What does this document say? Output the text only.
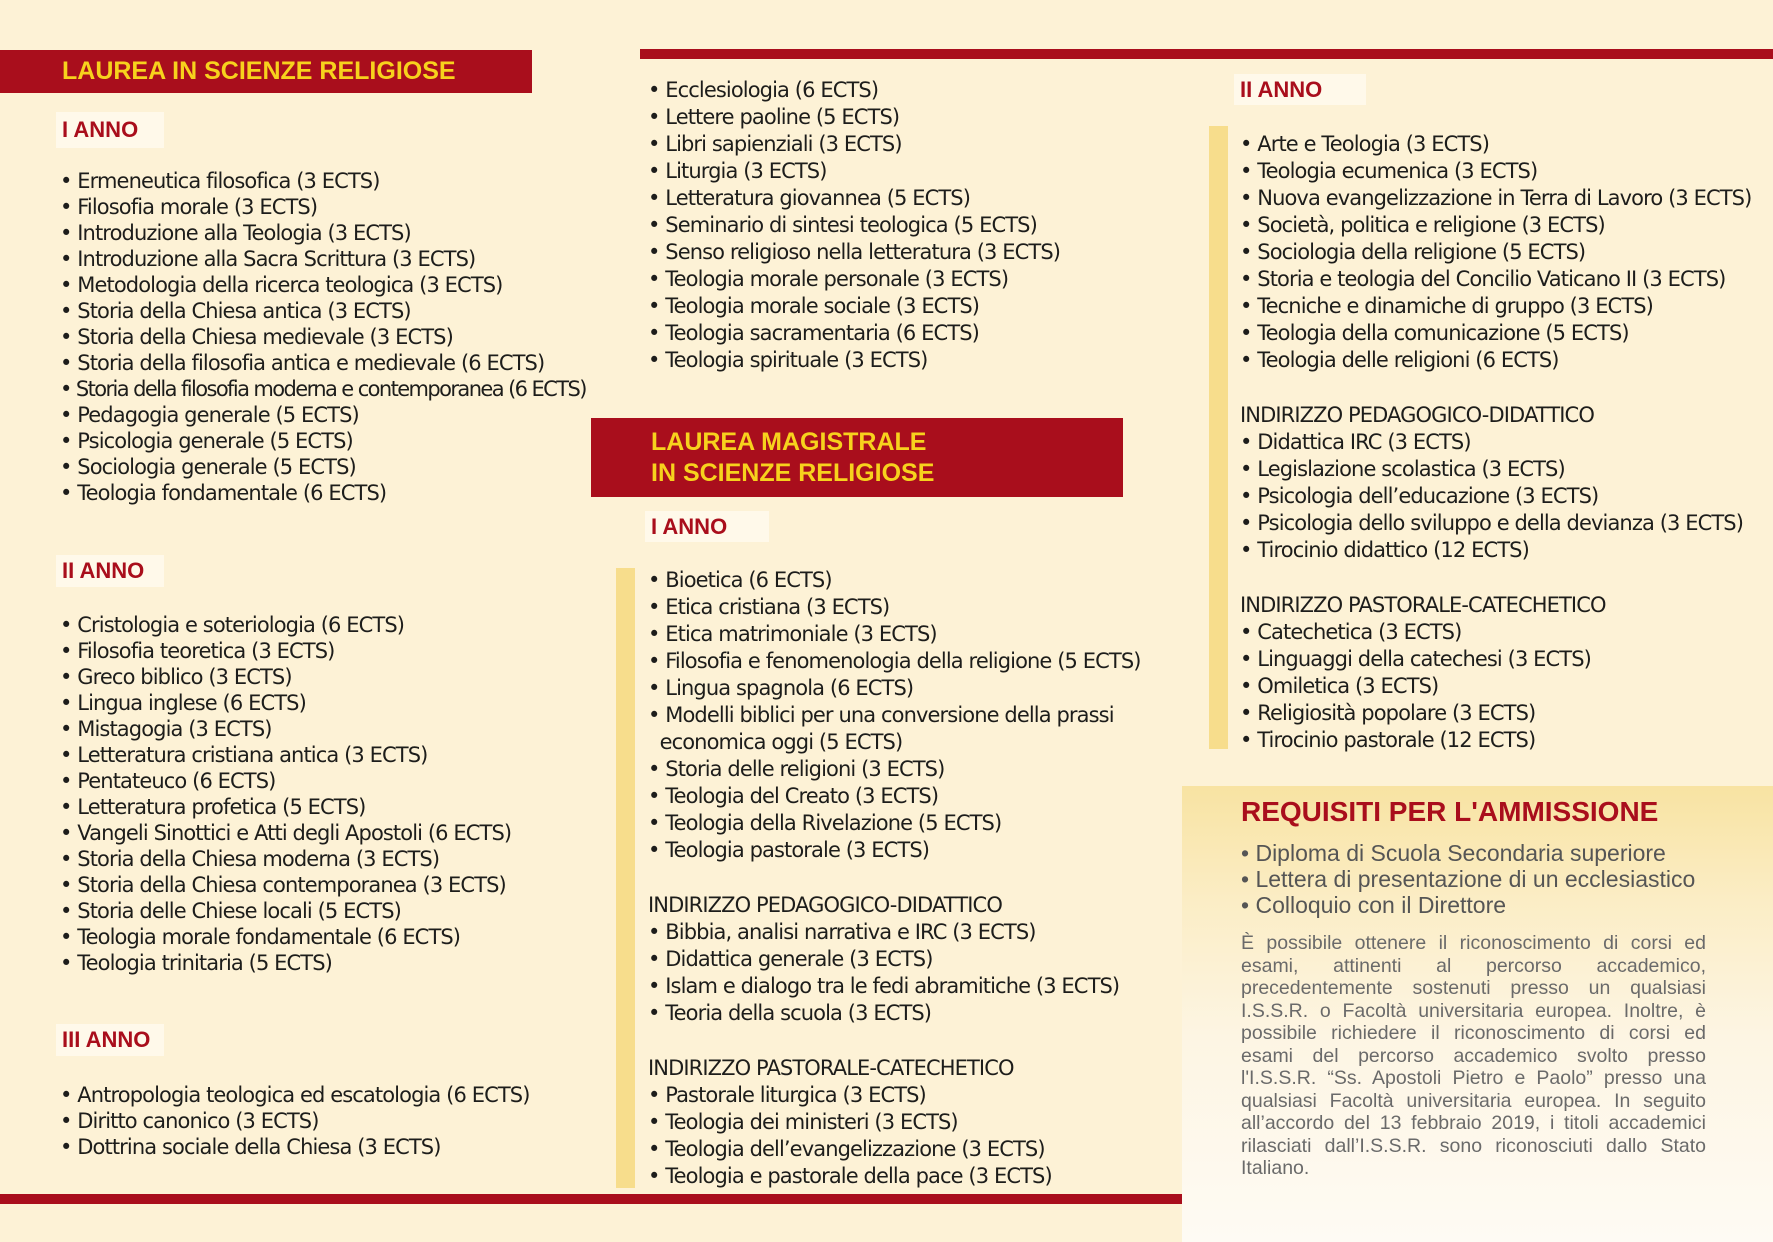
LAUREA IN SCIENZE RELIGIOSE
I ANNO
• Ermeneutica filosofica (3 ECTS)
• Filosofia morale (3 ECTS)
• Introduzione alla Teologia (3 ECTS)
• Introduzione alla Sacra Scrittura (3 ECTS)
• Metodologia della ricerca teologica (3 ECTS)
• Storia della Chiesa antica (3 ECTS)
• Storia della Chiesa medievale (3 ECTS)
• Storia della filosofia antica e medievale (6 ECTS)
• Storia della filosofia moderna e contemporanea (6 ECTS)
• Pedagogia generale (5 ECTS)
• Psicologia generale (5 ECTS)
• Sociologia generale (5 ECTS)
• Teologia fondamentale (6 ECTS)
II ANNO
• Cristologia e soteriologia (6 ECTS)
• Filosofia teoretica (3 ECTS)
• Greco biblico (3 ECTS)
• Lingua inglese (6 ECTS)
• Mistagogia (3 ECTS)
• Letteratura cristiana antica (3 ECTS)
• Pentateuco (6 ECTS)
• Letteratura profetica (5 ECTS)
• Vangeli Sinottici e Atti degli Apostoli (6 ECTS)
• Storia della Chiesa moderna (3 ECTS)
• Storia della Chiesa contemporanea (3 ECTS)
• Storia delle Chiese locali (5 ECTS)
• Teologia morale fondamentale (6 ECTS)
• Teologia trinitaria (5 ECTS)
III ANNO
• Antropologia teologica ed escatologia (6 ECTS)
• Diritto canonico (3 ECTS)
• Dottrina sociale della Chiesa (3 ECTS)
• Ecclesiologia (6 ECTS)
• Lettere paoline (5 ECTS)
• Libri sapienziali (3 ECTS)
• Liturgia (3 ECTS)
• Letteratura giovannea (5 ECTS)
• Seminario di sintesi teologica (5 ECTS)
• Senso religioso nella letteratura (3 ECTS)
• Teologia morale personale (3 ECTS)
• Teologia morale sociale (3 ECTS)
• Teologia sacramentaria (6 ECTS)
• Teologia spirituale (3 ECTS)
LAUREA MAGISTRALE
IN SCIENZE RELIGIOSE
I ANNO
• Bioetica (6 ECTS)
• Etica cristiana (3 ECTS)
• Etica matrimoniale (3 ECTS)
• Filosofia e fenomenologia della religione (5 ECTS)
• Lingua spagnola (6 ECTS)
• Modelli biblici per una conversione della prassi
economica oggi (5 ECTS)
• Storia delle religioni (3 ECTS)
• Teologia del Creato (3 ECTS)
• Teologia della Rivelazione (5 ECTS)
• Teologia pastorale (3 ECTS)
INDIRIZZO PEDAGOGICO-DIDATTICO
• Bibbia, analisi narrativa e IRC (3 ECTS)
• Didattica generale (3 ECTS)
• Islam e dialogo tra le fedi abramitiche (3 ECTS)
• Teoria della scuola (3 ECTS)
INDIRIZZO PASTORALE-CATECHETICO
• Pastorale liturgica (3 ECTS)
• Teologia dei ministeri (3 ECTS)
• Teologia dell’evangelizzazione (3 ECTS)
• Teologia e pastorale della pace (3 ECTS)
II ANNO
• Arte e Teologia (3 ECTS)
• Teologia ecumenica (3 ECTS)
• Nuova evangelizzazione in Terra di Lavoro (3 ECTS)
• Società, politica e religione (3 ECTS)
• Sociologia della religione (5 ECTS)
• Storia e teologia del Concilio Vaticano II (3 ECTS)
• Tecniche e dinamiche di gruppo (3 ECTS)
• Teologia della comunicazione (5 ECTS)
• Teologia delle religioni (6 ECTS)
INDIRIZZO PEDAGOGICO-DIDATTICO
• Didattica IRC (3 ECTS)
• Legislazione scolastica (3 ECTS)
• Psicologia dell’educazione (3 ECTS)
• Psicologia dello sviluppo e della devianza (3 ECTS)
• Tirocinio didattico (12 ECTS)
INDIRIZZO PASTORALE-CATECHETICO
• Catechetica (3 ECTS)
• Linguaggi della catechesi (3 ECTS)
• Omiletica (3 ECTS)
• Religiosità popolare (3 ECTS)
• Tirocinio pastorale (12 ECTS)
REQUISITI PER L'AMMISSIONE
• Diploma di Scuola Secondaria superiore
• Lettera di presentazione di un ecclesiastico
• Colloquio con il Direttore

È possibile ottenere il riconoscimento di corsi ed esami, attinenti al percorso accademico, precedentemente sostenuti presso un qualsiasi I.S.S.R. o Facoltà universitaria europea. Inoltre, è possibile richiedere il riconoscimento di corsi ed esami del percorso accademico svolto presso l'I.S.S.R. “Ss. Apostoli Pietro e Paolo” presso una qualsiasi Facoltà universitaria europea. In seguito all’accordo del 13 febbraio 2019, i titoli accademici rilasciati dall’I.S.S.R. sono riconosciuti dallo Stato Italiano.
